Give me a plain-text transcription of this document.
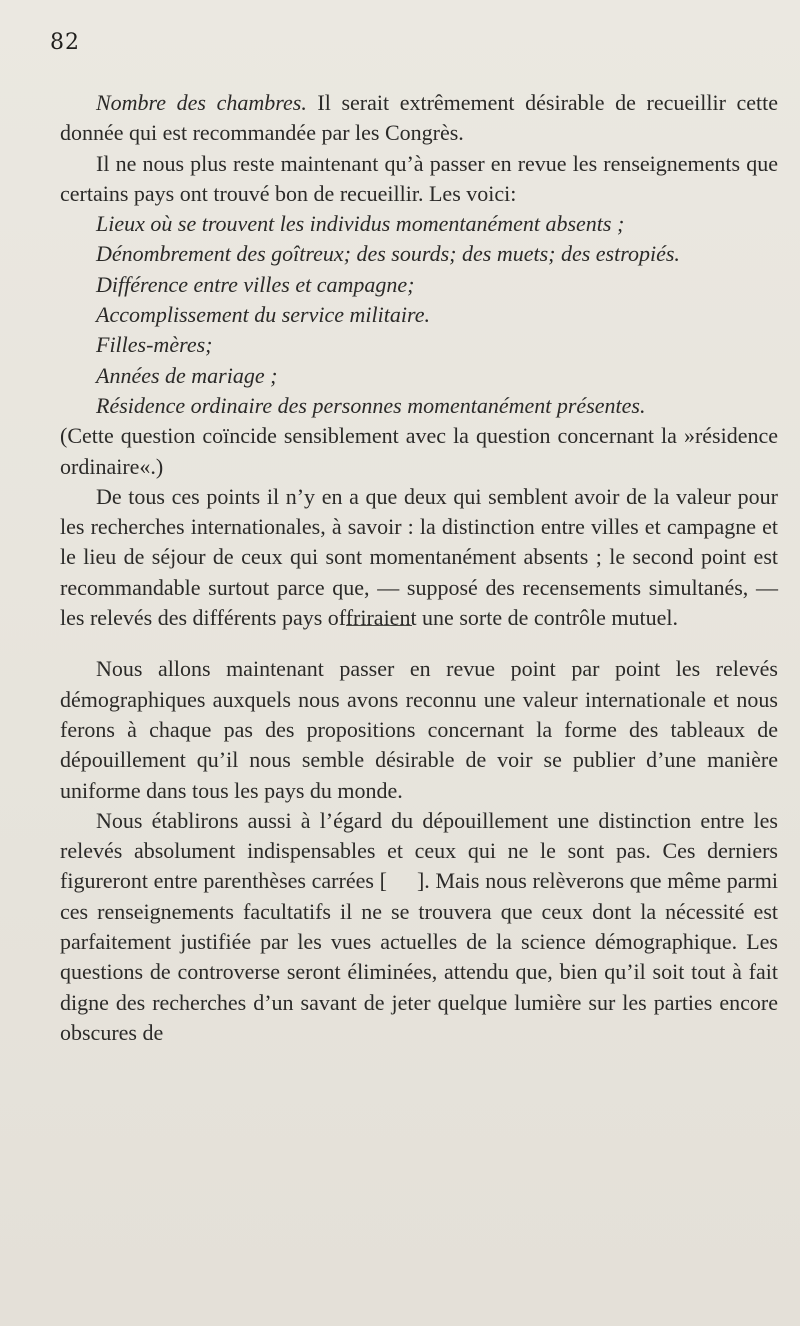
82

Nombre des chambres. Il serait extrêmement désirable de recueillir cette donnée qui est recommandée par les Congrès.

Il ne nous plus reste maintenant qu’à passer en revue les renseignements que certains pays ont trouvé bon de recueillir. Les voici:

Lieux où se trouvent les individus momentanément absents ;

Dénombrement des goîtreux; des sourds; des muets; des estropiés.

Différence entre villes et campagne;

Accomplissement du service militaire.

Filles-mères;

Années de mariage ;

Résidence ordinaire des personnes momentanément présentes.

(Cette question coïncide sensiblement avec la question concernant la »résidence ordinaire«.)

De tous ces points il n’y en a que deux qui semblent avoir de la valeur pour les recherches internationales, à savoir : la distinction entre villes et campagne et le lieu de séjour de ceux qui sont momentanément absents ; le second point est recommandable surtout parce que, — supposé des recensements simultanés, — les relevés des différents pays offriraient une sorte de contrôle mutuel.

Nous allons maintenant passer en revue point par point les relevés démographiques auxquels nous avons reconnu une valeur internationale et nous ferons à chaque pas des propositions concernant la forme des tableaux de dépouillement qu’il nous semble désirable de voir se publier d’une manière uniforme dans tous les pays du monde.

Nous établirons aussi à l’égard du dépouillement une distinction entre les relevés absolument indispensables et ceux qui ne le sont pas. Ces derniers figureront entre parenthèses carrées [ ]. Mais nous relèverons que même parmi ces renseignements facultatifs il ne se trouvera que ceux dont la nécessité est parfaitement justifiée par les vues actuelles de la science démographique. Les questions de controverse seront éliminées, attendu que, bien qu’il soit tout à fait digne des recherches d’un savant de jeter quelque lumière sur les parties encore obscures de
